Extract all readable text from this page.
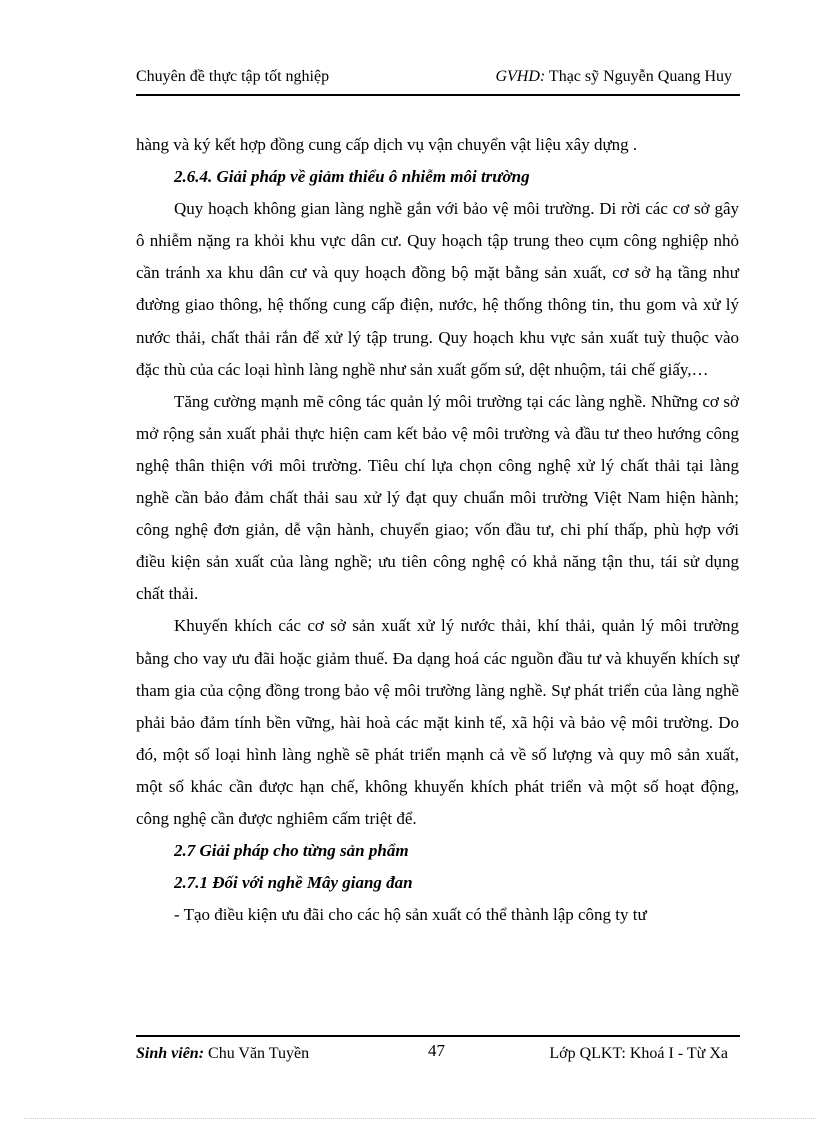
Chuyên đề thực tập tốt nghiệp	GVHD: Thạc sỹ Nguyễn Quang Huy

hàng và ký kết hợp đồng cung cấp dịch vụ vận chuyển vật liệu xây dựng .

2.6.4. Giải pháp về giảm thiểu ô nhiễm môi trường

Quy hoạch không gian làng nghề gắn với bảo vệ môi trường. Di rời các cơ sở gây ô nhiễm nặng ra khỏi khu vực dân cư. Quy hoạch tập trung theo cụm công nghiệp nhỏ cần tránh xa khu dân cư và quy hoạch đồng bộ mặt bằng sản xuất, cơ sở hạ tầng như đường giao thông, hệ thống cung cấp điện, nước, hệ thống thông tin, thu gom và xử lý nước thải, chất thải rắn để xử lý tập trung. Quy hoạch khu vực sản xuất tuỳ thuộc vào đặc thù của các loại hình làng nghề như sản xuất gốm sứ, dệt nhuộm, tái chế giấy,…

Tăng cường mạnh mẽ công tác quản lý môi trường tại các làng nghề. Những cơ sở mở rộng sản xuất phải thực hiện cam kết bảo vệ môi trường và đầu tư theo hướng công nghệ thân thiện với môi trường. Tiêu chí lựa chọn công nghệ xử lý chất thải tại làng nghề cần bảo đảm chất thải sau xử lý đạt quy chuẩn môi trường Việt Nam hiện hành; công nghệ đơn giản, dễ vận hành, chuyển giao; vốn đầu tư, chi phí thấp, phù hợp với điều kiện sản xuất của làng nghề; ưu tiên công nghệ có khả năng tận thu, tái sử dụng chất thải.

Khuyến khích các cơ sở sản xuất xử lý nước thải, khí thải, quản lý môi trường bằng cho vay ưu đãi hoặc giảm thuế. Đa dạng hoá các nguồn đầu tư và khuyến khích sự tham gia của cộng đồng trong bảo vệ môi trường làng nghề. Sự phát triển của làng nghề phải bảo đảm tính bền vững, hài hoà các mặt kinh tế, xã hội và bảo vệ môi trường. Do đó, một số loại hình làng nghề sẽ phát triển mạnh cả về số lượng và quy mô sản xuất, một số khác cần được hạn chế, không khuyến khích phát triển và một số hoạt động, công nghệ cần được nghiêm cấm triệt để.

2.7 Giải pháp cho từng sản phẩm

2.7.1 Đối với nghề Mây giang đan

- Tạo điều kiện ưu đãi cho các hộ sản xuất có thể thành lập công ty tư

Sinh viên: Chu Văn Tuyền	47	Lớp QLKT: Khoá I - Từ Xa
